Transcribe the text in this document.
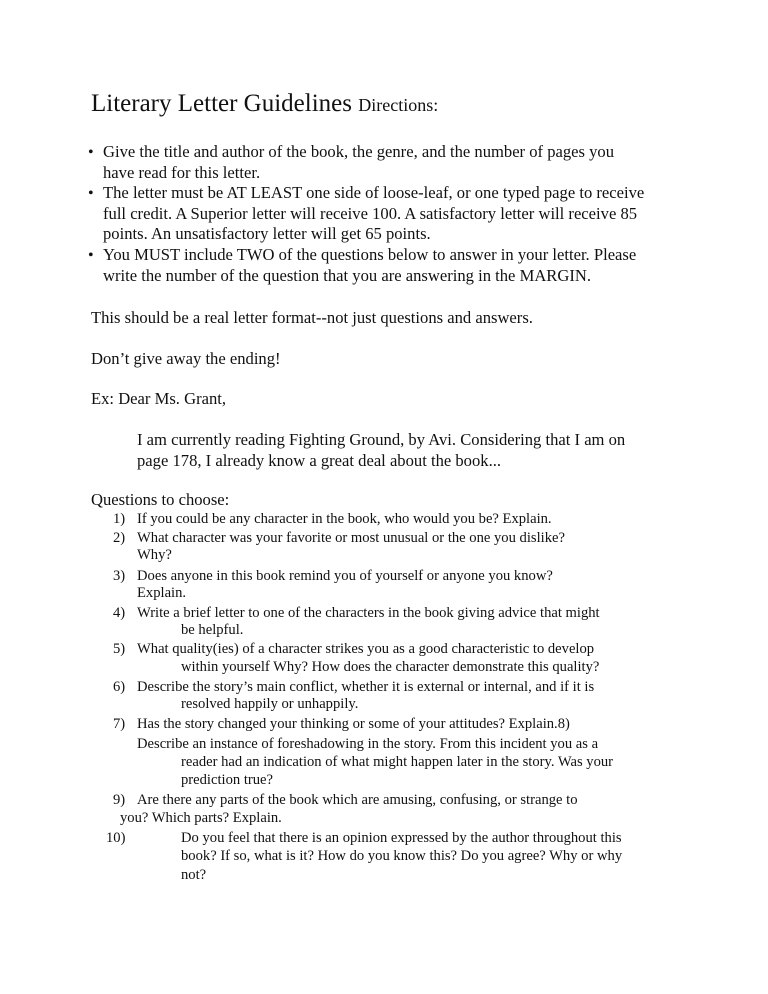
Literary Letter Guidelines Directions:
• Give the title and author of the book, the genre, and the number of pages you
have read for this letter.
• The letter must be AT LEAST one side of loose-leaf, or one typed page to receive
full credit. A Superior letter will receive 100. A satisfactory letter will receive 85
points. An unsatisfactory letter will get 65 points.
• You MUST include TWO of the questions below to answer in your letter. Please
write the number of the question that you are answering in the MARGIN.
This should be a real letter format--not just questions and answers.
Don’t give away the ending!
Ex: Dear Ms. Grant,
I am currently reading Fighting Ground, by Avi. Considering that I am on
page 178, I already know a great deal about the book...
Questions to choose:
1) If you could be any character in the book, who would you be? Explain.
2) What character was your favorite or most unusual or the one you dislike?
Why?
3) Does anyone in this book remind you of yourself or anyone you know?
Explain.
4) Write a brief letter to one of the characters in the book giving advice that might
be helpful.
5) What quality(ies) of a character strikes you as a good characteristic to develop
within yourself Why? How does the character demonstrate this quality?
6) Describe the story’s main conflict, whether it is external or internal, and if it is
resolved happily or unhappily.
7) Has the story changed your thinking or some of your attitudes? Explain.8)
Describe an instance of foreshadowing in the story. From this incident you as a
reader had an indication of what might happen later in the story. Was your
prediction true?
9) Are there any parts of the book which are amusing, confusing, or strange to
you? Which parts? Explain.
10)	Do you feel that there is an opinion expressed by the author throughout this
book? If so, what is it? How do you know this? Do you agree? Why or why
not?
